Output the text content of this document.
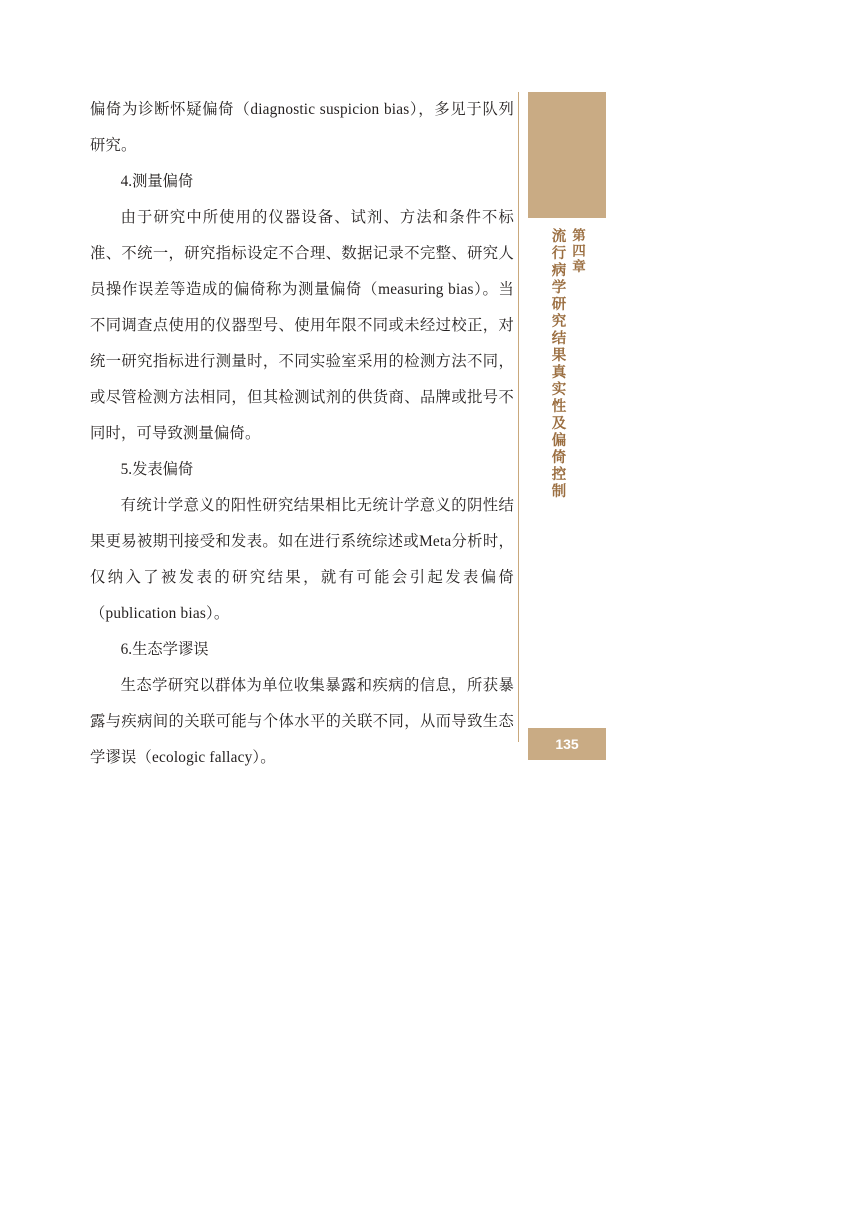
偏倚为诊断怀疑偏倚（diagnostic suspicion bias），多见于队列研究。

4.测量偏倚

由于研究中所使用的仪器设备、试剂、方法和条件不标准、不统一，研究指标设定不合理、数据记录不完整、研究人员操作误差等造成的偏倚称为测量偏倚（measuring bias）。当不同调查点使用的仪器型号、使用年限不同或未经过校正，对统一研究指标进行测量时，不同实验室采用的检测方法不同，或尽管检测方法相同，但其检测试剂的供货商、品牌或批号不同时，可导致测量偏倚。

5.发表偏倚

有统计学意义的阳性研究结果相比无统计学意义的阴性结果更易被期刊接受和发表。如在进行系统综述或Meta分析时，仅纳入了被发表的研究结果，就有可能会引起发表偏倚（publication bias）。

6.生态学谬误

生态学研究以群体为单位收集暴露和疾病的信息，所获暴露与疾病间的关联可能与个体水平的关联不同，从而导致生态学谬误（ecologic fallacy）。

流行病学
第四章
流行病学研究结果真实性及偏倚控制
135
